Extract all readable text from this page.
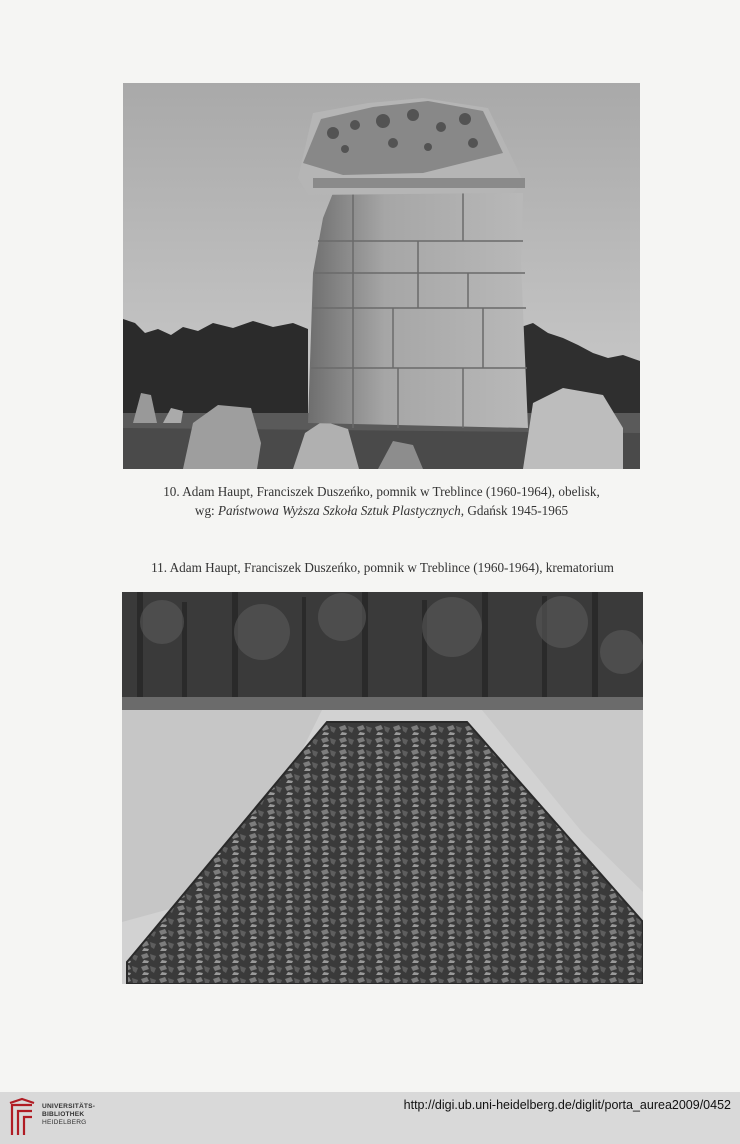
10. Adam Haupt, Franciszek Duszeńko, pomnik w Treblince (1960-1964), obelisk,
wg: Państwowa Wyższa Szkoła Sztuk Plastycznych, Gdańsk 1945-1965
11. Adam Haupt, Franciszek Duszeńko, pomnik w Treblince (1960-1964), krematorium
UNIVERSITÄTS-
BIBLIOTHEK
HEIDELBERG
http://digi.ub.uni-heidelberg.de/diglit/porta_aurea2009/0452
